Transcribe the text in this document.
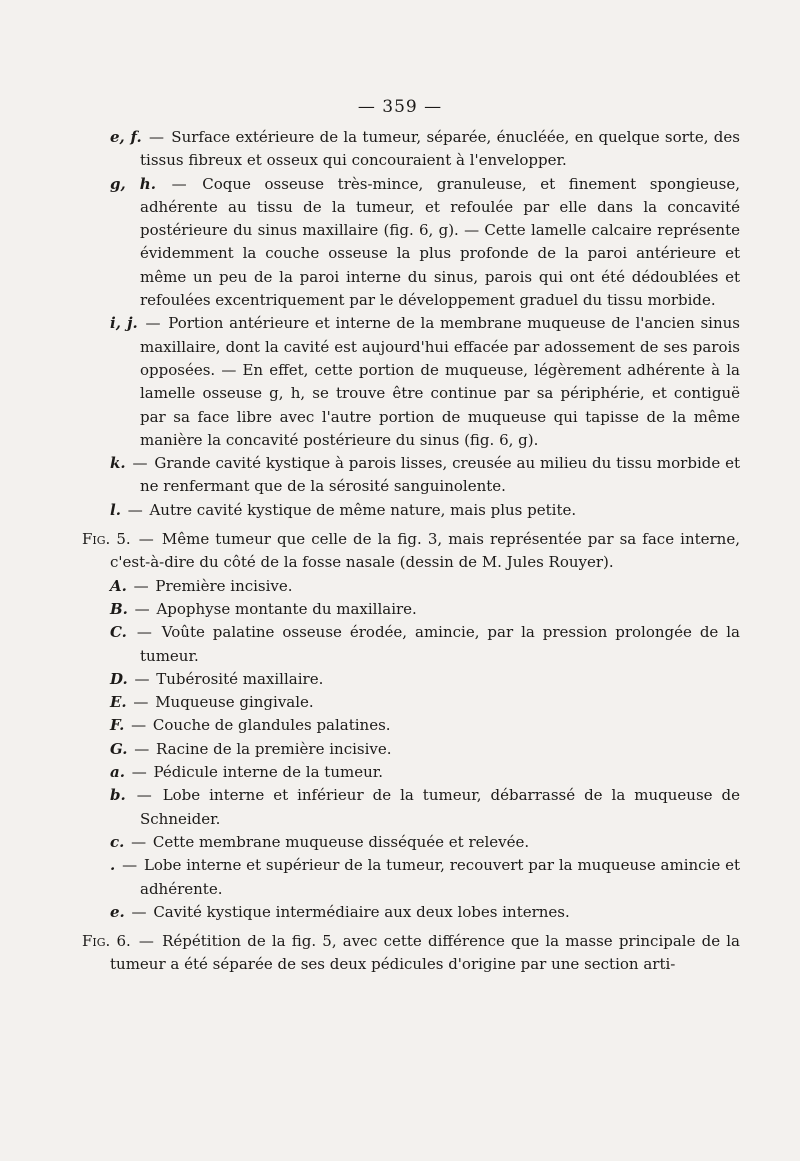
— 359 —

e, f. — Surface extérieure de la tumeur, séparée, énucléée, en quelque sorte, des tissus fibreux et osseux qui concouraient à l'envelopper.

g, h. — Coque osseuse très-mince, granuleuse, et finement spongieuse, adhérente au tissu de la tumeur, et refoulée par elle dans la concavité postérieure du sinus maxillaire (fig. 6, g). — Cette lamelle calcaire représente évidemment la couche osseuse la plus profonde de la paroi antérieure et même un peu de la paroi interne du sinus, parois qui ont été dédoublées et refoulées excentriquement par le développement graduel du tissu morbide.

i, j. — Portion antérieure et interne de la membrane muqueuse de l'ancien sinus maxillaire, dont la cavité est aujourd'hui effacée par adossement de ses parois opposées. — En effet, cette portion de muqueuse, légèrement adhérente à la lamelle osseuse g, h, se trouve être continue par sa périphérie, et contiguë par sa face libre avec l'autre portion de muqueuse qui tapisse de la même manière la concavité postérieure du sinus (fig. 6, g).

k. — Grande cavité kystique à parois lisses, creusée au milieu du tissu morbide et ne renfermant que de la sérosité sanguinolente.

l. — Autre cavité kystique de même nature, mais plus petite.

Fig. 5. — Même tumeur que celle de la fig. 3, mais représentée par sa face interne, c'est-à-dire du côté de la fosse nasale (dessin de M. Jules Rouyer).

A. — Première incisive.

B. — Apophyse montante du maxillaire.

C. — Voûte palatine osseuse érodée, amincie, par la pression prolongée de la tumeur.

D. — Tubérosité maxillaire.

E. — Muqueuse gingivale.

F. — Couche de glandules palatines.

G. — Racine de la première incisive.

a. — Pédicule interne de la tumeur.

b. — Lobe interne et inférieur de la tumeur, débarrassé de la muqueuse de Schneider.

c. — Cette membrane muqueuse disséquée et relevée.

. — Lobe interne et supérieur de la tumeur, recouvert par la muqueuse amincie et adhérente.

e. — Cavité kystique intermédiaire aux deux lobes internes.

Fig. 6. — Répétition de la fig. 5, avec cette différence que la masse principale de la tumeur a été séparée de ses deux pédicules d'origine par une section arti-
